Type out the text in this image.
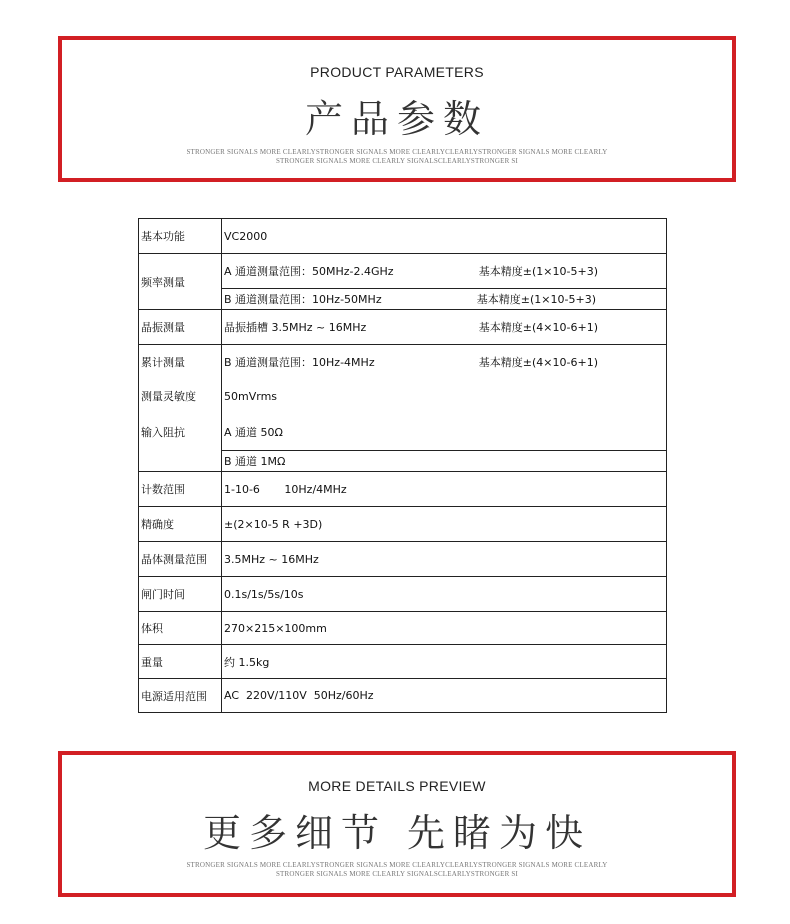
PRODUCT PARAMETERS
产品参数
STRONGER SIGNALS MORE CLEARLYSTRONGER SIGNALS MORE CLEARLYCLEARLYSTRONGER SIGNALS MORE CLEARLY
STRONGER SIGNALS MORE CLEARLY SIGNALSCLEARLYSTRONGER SI
基本功能	VC2000
频率测量	A 通道测量范围：50MHz-2.4GHz 基本精度±(1×10-5+3)

	B 通道测量范围：10Hz-50MHz 基本精度±(1×10-5+3)

晶振测量	晶振插槽 3.5MHz ~ 16MHz 基本精度±(4×10-6+1)

累计测量	B 通道测量范围：10Hz-4MHz 基本精度±(4×10-6+1)

测量灵敏度	50mVrms
输入阻抗	A 通道 50Ω
	B 通道 1MΩ
计数范围	1-10-6       10Hz/4MHz
精确度	±(2×10-5 R +3D)
晶体测量范围	3.5MHz ~ 16MHz
闸门时间	0.1s/1s/5s/10s
体积	270×215×100mm
重量	约 1.5kg
电源适用范围	AC  220V/110V  50Hz/60Hz
MORE DETAILS PREVIEW
更多细节 先睹为快
STRONGER SIGNALS MORE CLEARLYSTRONGER SIGNALS MORE CLEARLYCLEARLYSTRONGER SIGNALS MORE CLEARLY
STRONGER SIGNALS MORE CLEARLY SIGNALSCLEARLYSTRONGER SI
